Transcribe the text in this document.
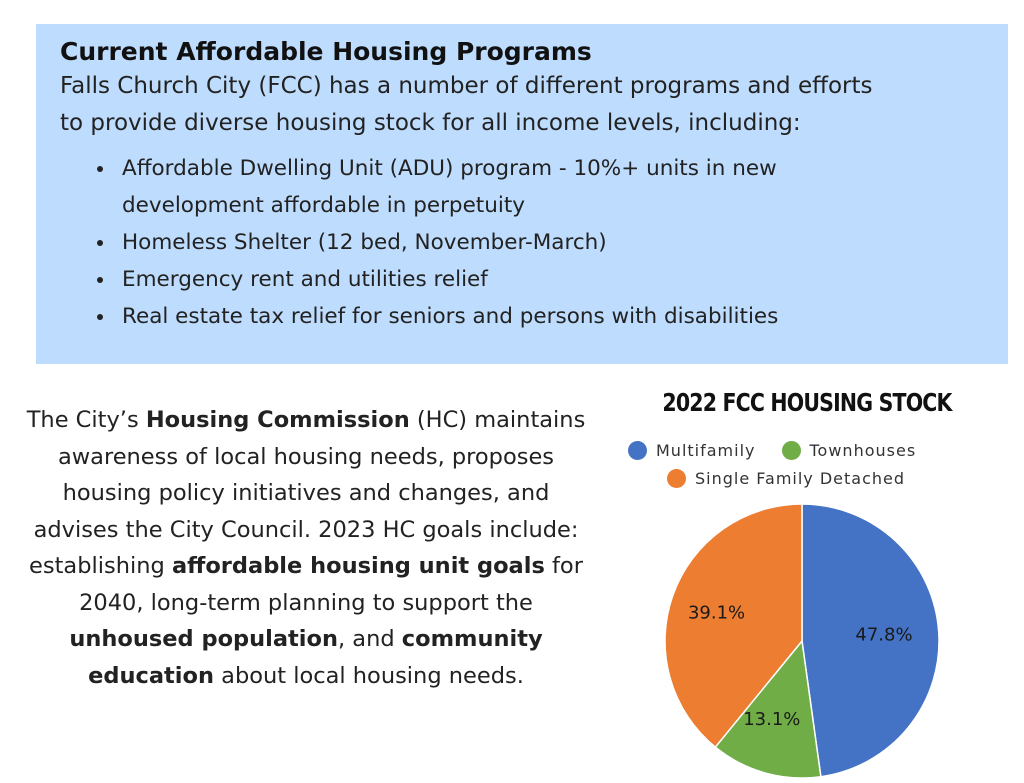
Current Affordable Housing Programs

Falls Church City (FCC) has a number of different programs and efforts
to provide diverse housing stock for all income levels, including:

• Affordable Dwelling Unit (ADU) program - 10%+ units in new
development affordable in perpetuity
• Homeless Shelter (12 bed, November-March)
• Emergency rent and utilities relief
• Real estate tax relief for seniors and persons with disabilities
The City’s Housing Commission (HC) maintains awareness of local housing needs, proposes housing policy initiatives and changes, and advises the City Council. 2023 HC goals include: establishing affordable housing unit goals for 2040, long-term planning to support the unhoused population, and community education about local housing needs.
2022 FCC HOUSING STOCK
Multifamily	Townhouses
Single Family Detached
47.8%
13.1%
39.1%
